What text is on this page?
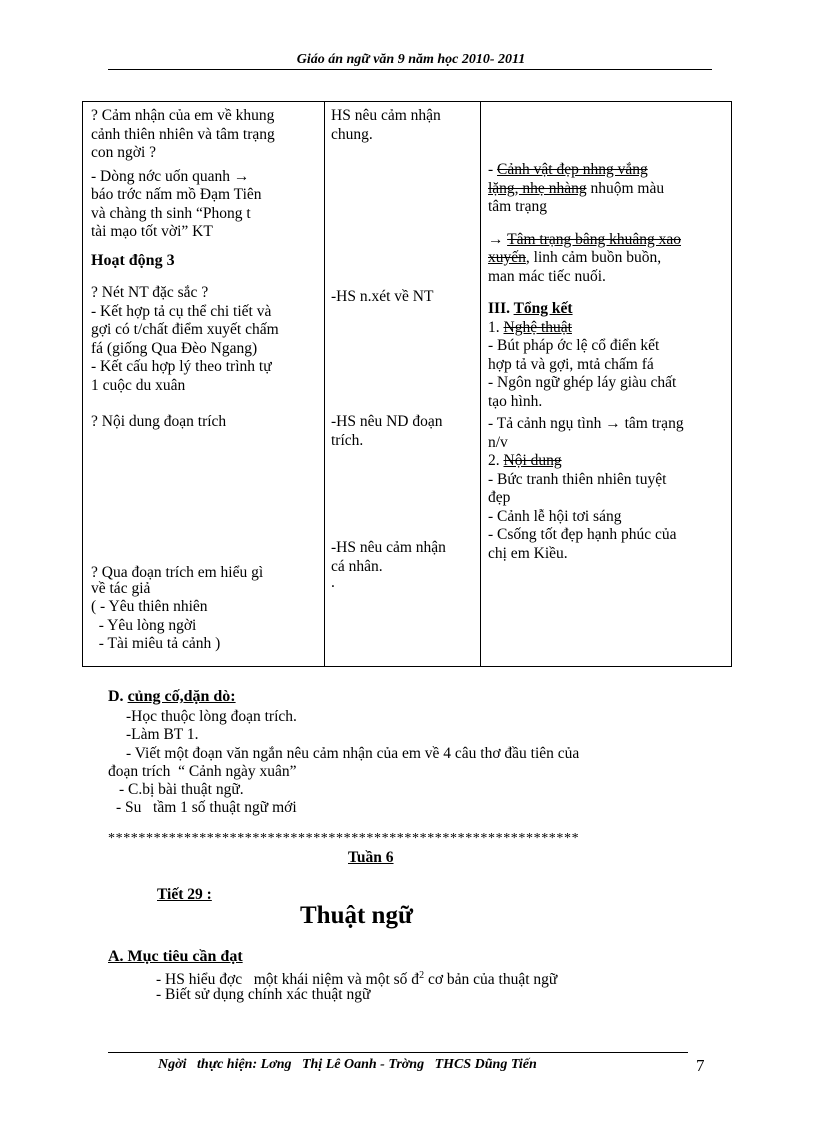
Giáo án ngữ văn 9 năm học 2010- 2011
? Cảm nhận của em về khung
cảnh thiên nhiên và tâm trạng
con ngời ?
- Dòng nớc uốn quanh →
báo trớc nấm mồ Đạm Tiên
và chàng th sinh “Phong t
tài mạo tốt vời” KT
Hoạt động 3
? Nét NT đặc sắc ?
- Kết hợp tả cụ thể chi tiết và
gợi có t/chất điểm xuyết chấm
fá (giống Qua Đèo Ngang)
- Kết cấu hợp lý theo trình tự
1 cuộc du xuân
? Nội dung đoạn trích
? Qua đoạn trích em hiểu gì
về tác giả
( - Yêu thiên nhiên
- Yêu lòng ngời
- Tài miêu tả cảnh )
HS nêu cảm nhận
chung.
-HS n.xét về NT
-HS nêu ND đoạn
trích.
-HS nêu cảm nhận
cá nhân.
.
- Cảnh vật đẹp nhng vắng
lặng, nhẹ nhàng nhuộm màu
tâm trạng
→ Tâm trạng bâng khuâng xao
xuyến, linh cảm buồn buồn,
man mác tiếc nuối.
III. Tổng kết
1. Nghệ thuật
- Bút pháp ớc lệ cổ điển kết
hợp tả và gợi, mtả chấm fá
- Ngôn ngữ ghép láy giàu chất
tạo hình.
- Tả cảnh ngụ tình → tâm trạng
n/v
2. Nội dung
- Bức tranh thiên nhiên tuyệt
đẹp
- Cảnh lễ hội tơi sáng
- Csống tốt đẹp hạnh phúc của
chị em Kiều.
D. củng cố,dặn dò:
-Học thuộc lòng đoạn trích.
-Làm BT 1.
- Viết một đoạn văn ngắn nêu cảm nhận của em về 4 câu thơ đầu tiên của
đoạn trích  “ Cảnh ngày xuân”
- C.bị bài thuật ngữ.
- Su   tầm 1 số thuật ngữ mới
**************************************************************
Tuần 6
Tiết 29 :
Thuật ngữ
A. Mục tiêu cần đạt
- HS hiểu đợc   một khái niệm và một số $đ^2$ cơ bản của thuật ngữ
- Biết sử dụng chính xác thuật ngữ
Ngời   thực hiện: Lơng   Thị Lê Oanh - Trờng   THCS Dũng Tiến	7
